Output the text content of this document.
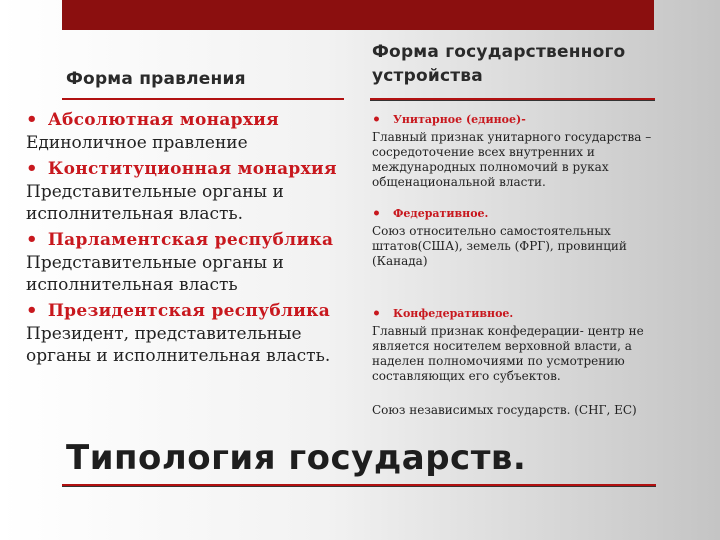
Форма правления
Форма государственного устройства
• Абсолютная монархия
Единоличное правление
• Конституционная монархия
Представительные органы и исполнительная власть.
• Парламентская республика
Представительные органы и исполнительная власть
• Президентская республика
Президент, представительные органы и исполнительная власть.
• Унитарное (единое)-
Главный признак унитарного государства – сосредоточение всех внутренних и международных полномочий в руках общенациональной власти.
• Федеративное.
Союз относительно самостоятельных штатов(США), земель (ФРГ), провинций (Канада)
• Конфедеративное.
Главный признак конфедерации- центр не является носителем верховной власти, а наделен полномочиями по усмотрению составляющих его субъектов.
Союз независимых государств. (СНГ, ЕС)
Типология государств.
